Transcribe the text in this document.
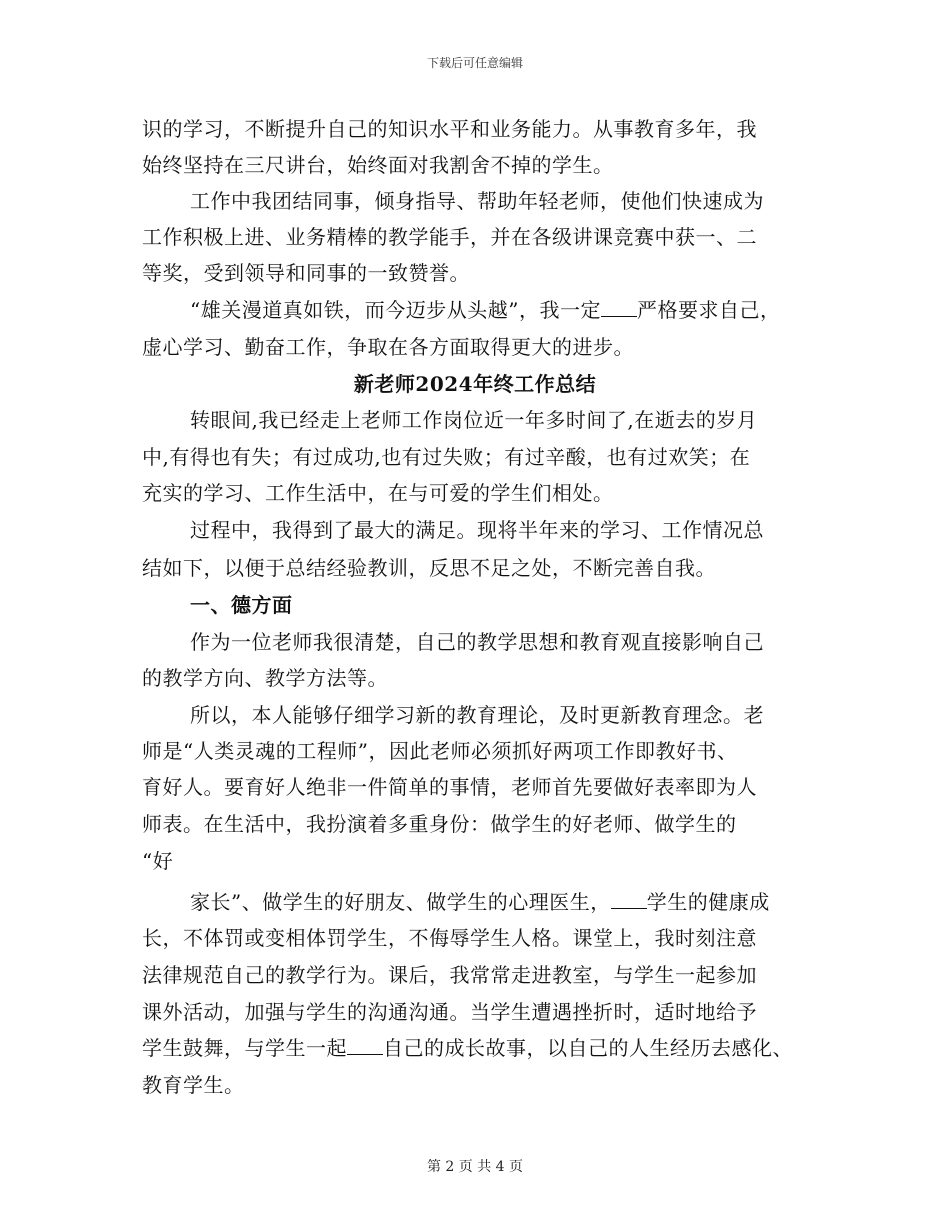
下载后可任意编辑
识的学习，不断提升自己的知识水平和业务能力。从事教育多年，我
始终坚持在三尺讲台，始终面对我割舍不掉的学生。
工作中我团结同事，倾身指导、帮助年轻老师，使他们快速成为
工作积极上进、业务精棒的教学能手，并在各级讲课竞赛中获一、二
等奖，受到领导和同事的一致赞誉。
“雄关漫道真如铁，而今迈步从头越”，我一定 严格要求自己，
虚心学习、勤奋工作，争取在各方面取得更大的进步。
新老师2024年终工作总结
转眼间,我已经走上老师工作岗位近一年多时间了,在逝去的岁月
中,有得也有失；有过成功,也有过失败；有过辛酸，也有过欢笑；在
充实的学习、工作生活中，在与可爱的学生们相处。
过程中，我得到了最大的满足。现将半年来的学习、工作情况总
结如下，以便于总结经验教训，反思不足之处，不断完善自我。
一、德方面
作为一位老师我很清楚，自己的教学思想和教育观直接影响自己
的教学方向、教学方法等。
所以，本人能够仔细学习新的教育理论，及时更新教育理念。老
师是“人类灵魂的工程师”，因此老师必须抓好两项工作即教好书、
育好人。要育好人绝非一件简单的事情，老师首先要做好表率即为人
师表。在生活中，我扮演着多重身份：做学生的好老师、做学生的
“好
家长”、做学生的好朋友、做学生的心理医生， 学生的健康成
长，不体罚或变相体罚学生，不侮辱学生人格。课堂上，我时刻注意
法律规范自己的教学行为。课后，我常常走进教室，与学生一起参加
课外活动，加强与学生的沟通沟通。当学生遭遇挫折时，适时地给予
学生鼓舞，与学生一起 自己的成长故事，以自己的人生经历去感化、
教育学生。
第 2 页 共 4 页
